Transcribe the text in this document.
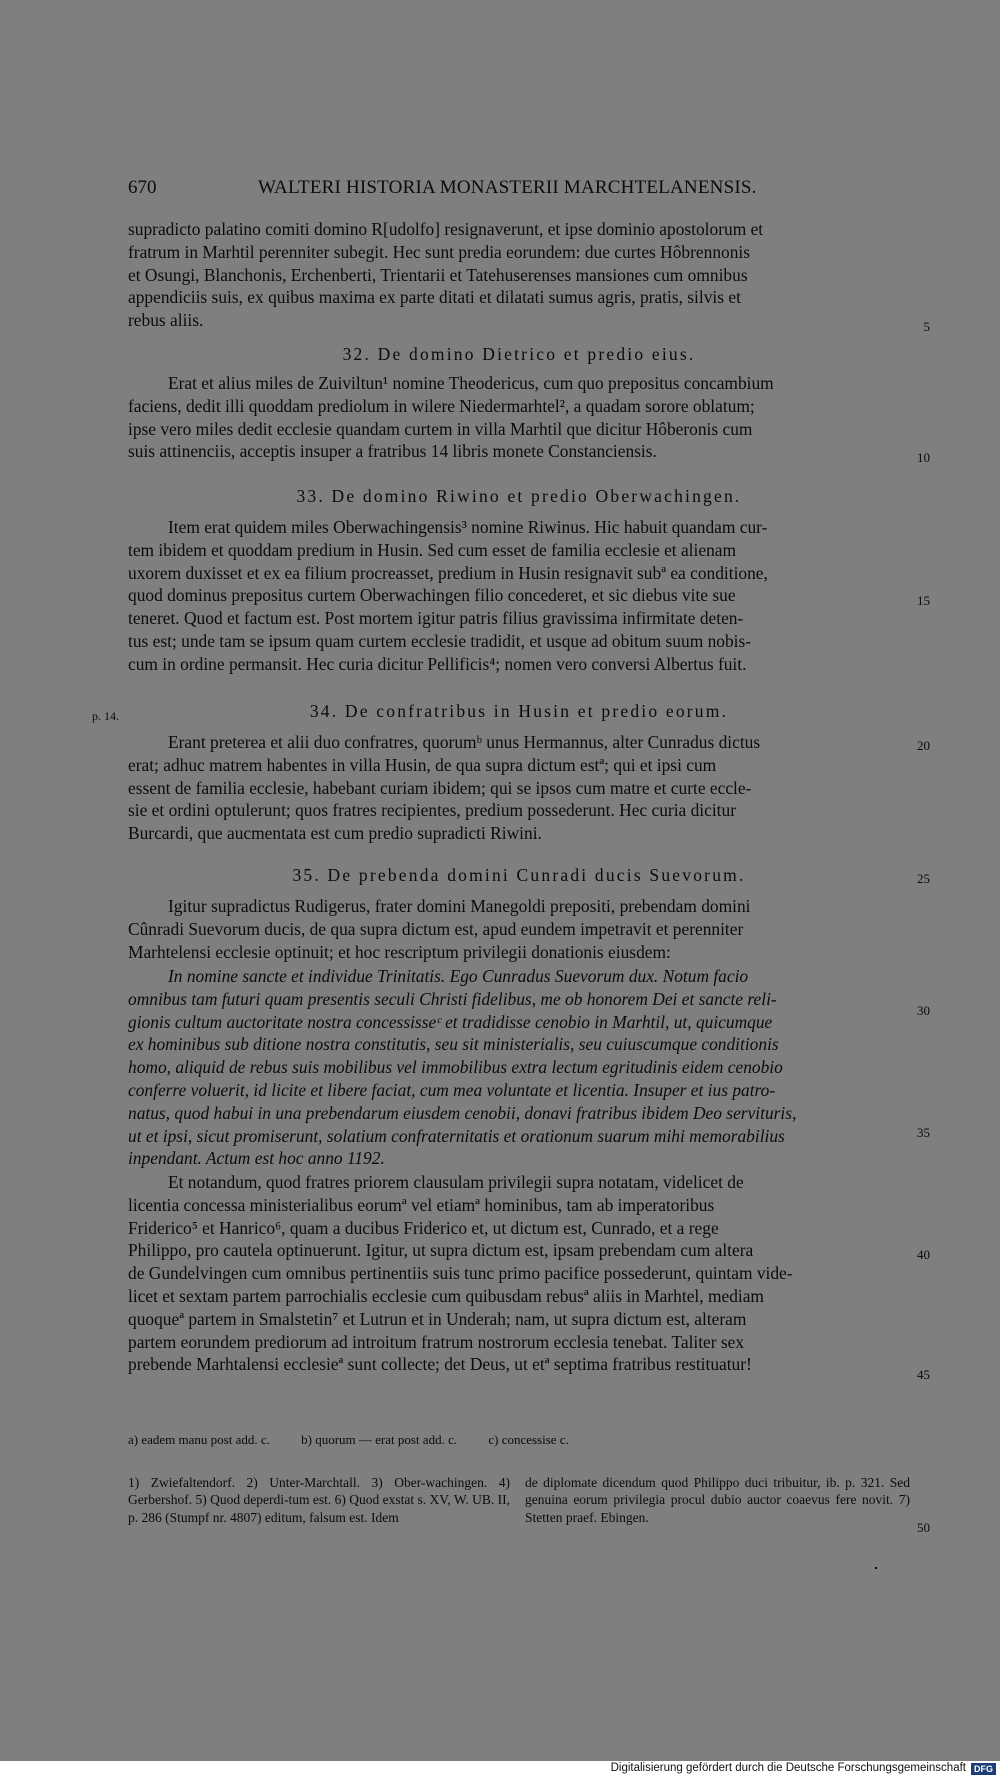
670	WALTERI HISTORIA MONASTERII MARCHTELANENSIS.

supradicto palatino comiti domino R[udolfo] resignaverunt, et ipse dominio apostolorum et

fratrum in Marhtil perenniter subegit. Hec sunt predia eorundem: due curtes Hôbrennonis

et Osungi, Blanchonis, Erchenberti, Trientarii et Tatehuserenses mansiones cum omnibus

appendiciis suis, ex quibus maxima ex parte ditati et dilatati sumus agris, pratis, silvis et

rebus aliis.

32. De domino Dietrico et predio eius.

Erat et alius miles de Zuiviltun¹ nomine Theodericus, cum quo prepositus concambium

faciens, dedit illi quoddam prediolum in wilere Niedermarhtel², a quadam sorore oblatum;

ipse vero miles dedit ecclesie quandam curtem in villa Marhtil que dicitur Hôberonis cum

suis attinenciis, acceptis insuper a fratribus 14 libris monete Constanciensis.

33. De domino Riwino et predio Oberwachingen.

Item erat quidem miles Oberwachingensis³ nomine Riwinus. Hic habuit quandam cur-

tem ibidem et quoddam predium in Husin. Sed cum esset de familia ecclesie et alienam

uxorem duxisset et ex ea filium procreasset, predium in Husin resignavit subª ea conditione,

quod dominus prepositus curtem Oberwachingen filio concederet, et sic diebus vite sue

teneret. Quod et factum est. Post mortem igitur patris filius gravissima infirmitate deten-

tus est; unde tam se ipsum quam curtem ecclesie tradidit, et usque ad obitum suum nobis-

cum in ordine permansit. Hec curia dicitur Pellificis⁴; nomen vero conversi Albertus fuit.

34. De confratribus in Husin et predio eorum.

Erant preterea et alii duo confratres, quorumᵇ unus Hermannus, alter Cunradus dictus

erat; adhuc matrem habentes in villa Husin, de qua supra dictum estª; qui et ipsi cum

essent de familia ecclesie, habebant curiam ibidem; qui se ipsos cum matre et curte eccle-

sie et ordini optulerunt; quos fratres recipientes, predium possederunt. Hec curia dicitur

Burcardi, que aucmentata est cum predio supradicti Riwini.

35. De prebenda domini Cunradi ducis Suevorum.

Igitur supradictus Rudigerus, frater domini Manegoldi prepositi, prebendam domini

Cûnradi Suevorum ducis, de qua supra dictum est, apud eundem impetravit et perenniter

Marhtelensi ecclesie optinuit; et hoc rescriptum privilegii donationis eiusdem:

In nomine sancte et individue Trinitatis. Ego Cunradus Suevorum dux. Notum facio

omnibus tam futuri quam presentis seculi Christi fidelibus, me ob honorem Dei et sancte reli-

gionis cultum auctoritate nostra concessisseᶜ et tradidisse cenobio in Marhtil, ut, quicumque

ex hominibus sub ditione nostra constitutis, seu sit ministerialis, seu cuiuscumque conditionis

homo, aliquid de rebus suis mobilibus vel immobilibus extra lectum egritudinis eidem cenobio

conferre voluerit, id licite et libere faciat, cum mea voluntate et licentia. Insuper et ius patro-

natus, quod habui in una prebendarum eiusdem cenobii, donavi fratribus ibidem Deo servituris,

ut et ipsi, sicut promiserunt, solatium confraternitatis et orationum suarum mihi memorabilius

inpendant. Actum est hoc anno 1192.

Et notandum, quod fratres priorem clausulam privilegii supra notatam, videlicet de

licentia concessa ministerialibus eorumª vel etiamª hominibus, tam ab imperatoribus

Friderico⁵ et Hanrico⁶, quam a ducibus Friderico et, ut dictum est, Cunrado, et a rege

Philippo, pro cautela optinuerunt. Igitur, ut supra dictum est, ipsam prebendam cum altera

de Gundelvingen cum omnibus pertinentiis suis tunc primo pacifice possederunt, quintam vide-

licet et sextam partem parrochialis ecclesie cum quibusdam rebusª aliis in Marhtel, mediam

quoqueª partem in Smalstetin⁷ et Lutrun et in Underah; nam, ut supra dictum est, alteram

partem eorundem prediorum ad introitum fratrum nostrorum ecclesia tenebat. Taliter sex

prebende Marhtalensi ecclesieª sunt collecte; det Deus, ut etª septima fratribus restituatur!

5
10
15
20
25
30
35
40
45
50
p. 14.
a) eadem manu post add. c. b) quorum — erat post add. c. c) concessise c.
1) Zwiefaltendorf. 2) Unter-Marchtall. 3) Ober-wachingen. 4) Gerbershof. 5) Quod deperdi-tum est. 6) Quod exstat s. XV, W. UB. II, p. 286 (Stumpf nr. 4807) editum, falsum est. Idem
de diplomate dicendum quod Philippo duci tribuitur, ib. p. 321. Sed genuina eorum privilegia procul dubio auctor coaevus fere novit. 7) Stetten praef. Ebingen.
Digitalisierung gefördert durch die Deutsche Forschungsgemeinschaft DFG
